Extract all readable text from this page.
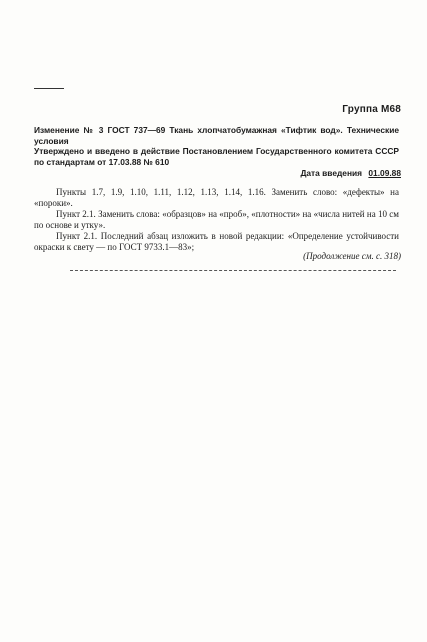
Группа М68

Изменение № 3 ГОСТ 737—69 Ткань хлопчатобумажная «Тифтик вод». Технические условия

Утверждено и введено в действие Постановлением Государственного комитета СССР по стандартам от 17.03.88 № 610

Дата введения 01.09.88

Пункты 1.7, 1.9, 1.10, 1.11, 1.12, 1.13, 1.14, 1.16. Заменить слово: «дефекты» на «пороки».

Пункт 2.1. Заменить слова: «образцов» на «проб», «плотности» на «числа нитей на 10 см по основе и утку».

Пункт 2.1. Последний абзац изложить в новой редакции: «Определение устойчивости окраски к свету — по ГОСТ 9733.1—83»;

(Продолжение см. с. 318)
